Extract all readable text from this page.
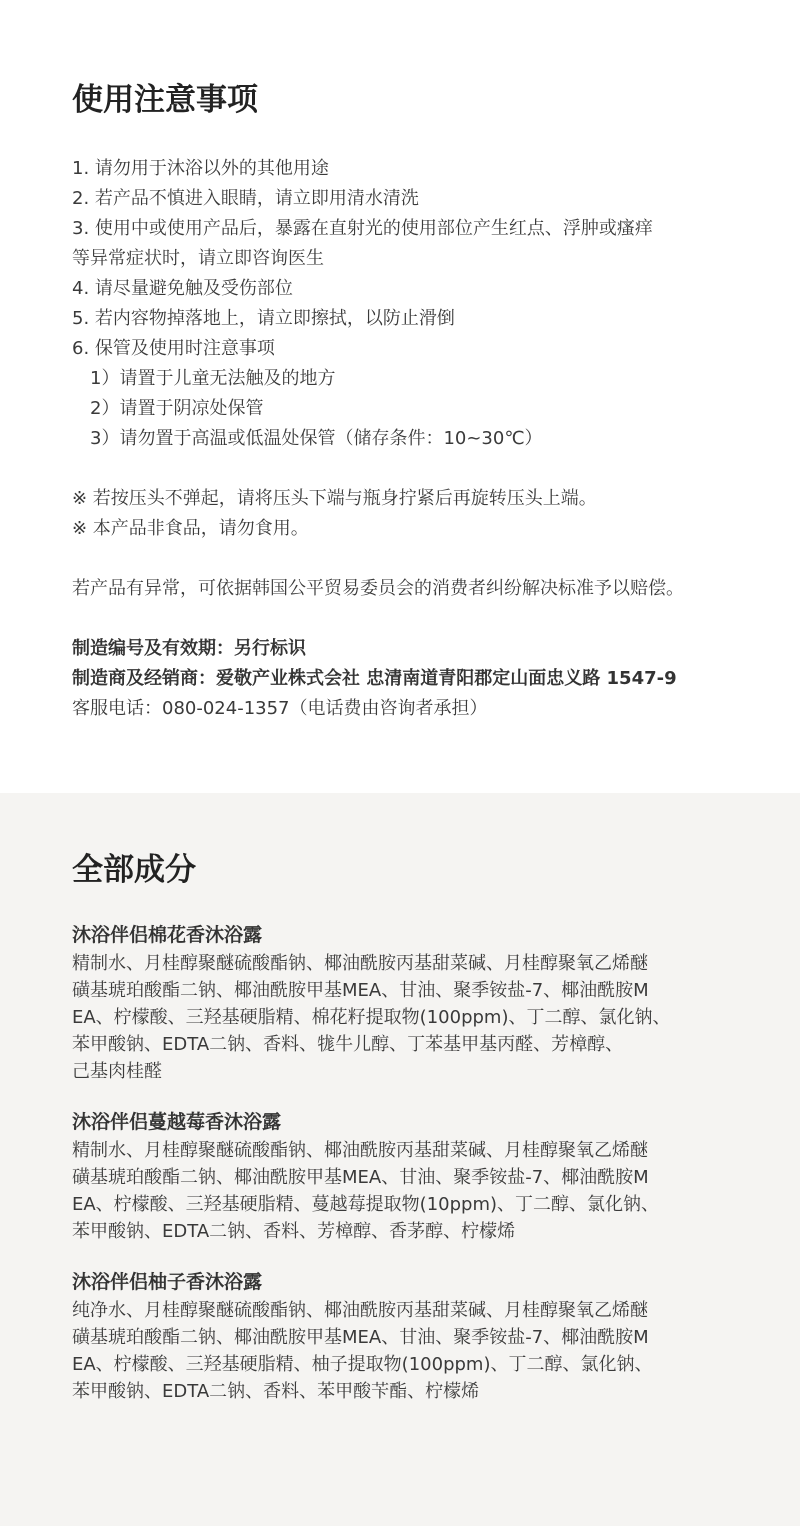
使用注意事项
1. 请勿用于沐浴以外的其他用途
2. 若产品不慎进入眼睛，请立即用清水清洗
3. 使用中或使用产品后，暴露在直射光的使用部位产生红点、浮肿或瘙痒
等异常症状时，请立即咨询医生
4. 请尽量避免触及受伤部位
5. 若内容物掉落地上，请立即擦拭，以防止滑倒
6. 保管及使用时注意事项
1）请置于儿童无法触及的地方
2）请置于阴凉处保管
3）请勿置于高温或低温处保管（储存条件：10~30℃）
※ 若按压头不弹起，请将压头下端与瓶身拧紧后再旋转压头上端。
※ 本产品非食品，请勿食用。
若产品有异常，可依据韩国公平贸易委员会的消费者纠纷解决标准予以赔偿。
制造编号及有效期：另行标识
制造商及经销商：爱敬产业株式会社 忠清南道青阳郡定山面忠义路 1547-9
客服电话：080-024-1357（电话费由咨询者承担）
全部成分
沐浴伴侣棉花香沐浴露
精制水、月桂醇聚醚硫酸酯钠、椰油酰胺丙基甜菜碱、月桂醇聚氧乙烯醚
磺基琥珀酸酯二钠、椰油酰胺甲基MEA、甘油、聚季铵盐-7、椰油酰胺M
EA、柠檬酸、三羟基硬脂精、棉花籽提取物(100ppm)、丁二醇、氯化钠、
苯甲酸钠、EDTA二钠、香料、牻牛儿醇、丁苯基甲基丙醛、芳樟醇、
己基肉桂醛
沐浴伴侣蔓越莓香沐浴露
精制水、月桂醇聚醚硫酸酯钠、椰油酰胺丙基甜菜碱、月桂醇聚氧乙烯醚
磺基琥珀酸酯二钠、椰油酰胺甲基MEA、甘油、聚季铵盐-7、椰油酰胺M
EA、柠檬酸、三羟基硬脂精、蔓越莓提取物(10ppm)、丁二醇、氯化钠、
苯甲酸钠、EDTA二钠、香料、芳樟醇、香茅醇、柠檬烯
沐浴伴侣柚子香沐浴露
纯净水、月桂醇聚醚硫酸酯钠、椰油酰胺丙基甜菜碱、月桂醇聚氧乙烯醚
磺基琥珀酸酯二钠、椰油酰胺甲基MEA、甘油、聚季铵盐-7、椰油酰胺M
EA、柠檬酸、三羟基硬脂精、柚子提取物(100ppm)、丁二醇、氯化钠、
苯甲酸钠、EDTA二钠、香料、苯甲酸苄酯、柠檬烯
